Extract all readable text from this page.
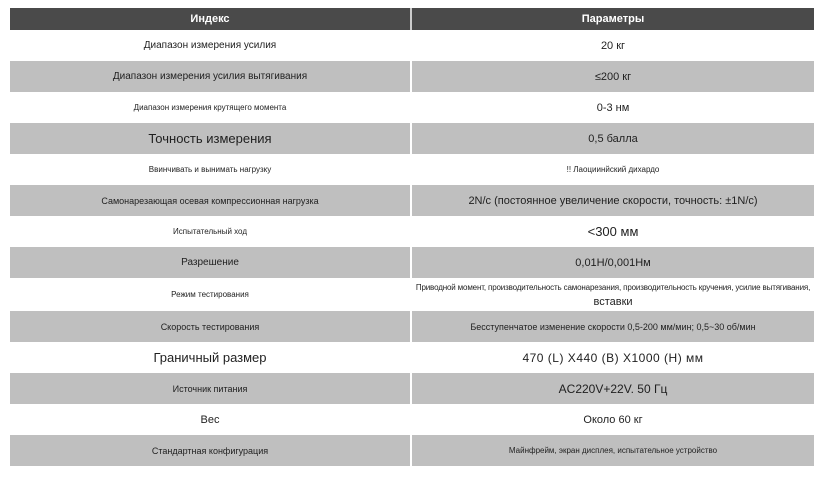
Индекс	Параметры
Диапазон измерения усилия	20 кг
Диапазон измерения усилия вытягивания	≤200 кг
Диапазон измерения крутящего момента	0-3 нм
Точность измерения	0,5 балла
Ввинчивать и вынимать нагрузку	!! Лаоциинйский дихардо
Самонарезающая осевая компрессионная нагрузка	2N/с (постоянное увеличение скорости, точность: ±1N/с)
Испытательный ход	<300 мм
Разрешение	0,01Н/0,001Нм
Режим тестирования	Приводной момент, производительность самонарезания, производительность кручения, усилие вытягивания,
вставки

Скорость тестирования	Бесступенчатое изменение скорости 0,5-200 мм/мин; 0,5~30 об/мин
Граничный размер	470 (L) X440 (B) X1000 (H) мм
Источник питания	AC220V+22V. 50 Гц
Вес	Около 60 кг
Стандартная конфигурация	Майнфрейм, экран дисплея, испытательное устройство
